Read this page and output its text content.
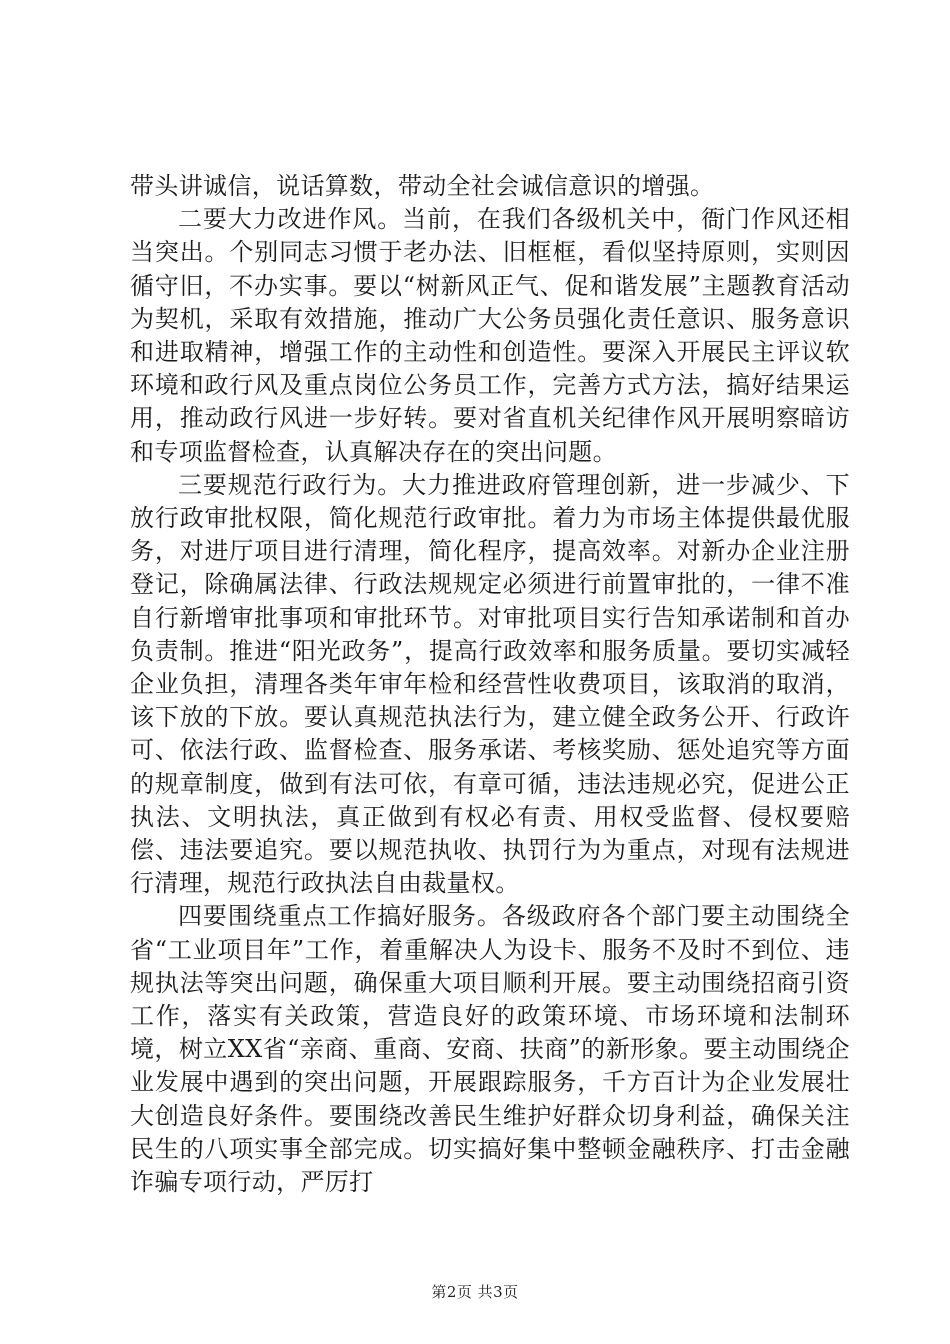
带头讲诚信，说话算数，带动全社会诚信意识的增强。

二要大力改进作风。当前，在我们各级机关中，衙门作风还相当突出。个别同志习惯于老办法、旧框框，看似坚持原则，实则因循守旧，不办实事。要以“树新风正气、促和谐发展”主题教育活动为契机，采取有效措施，推动广大公务员强化责任意识、服务意识和进取精神，增强工作的主动性和创造性。要深入开展民主评议软环境和政行风及重点岗位公务员工作，完善方式方法，搞好结果运用，推动政行风进一步好转。要对省直机关纪律作风开展明察暗访和专项监督检查，认真解决存在的突出问题。

三要规范行政行为。大力推进政府管理创新，进一步减少、下放行政审批权限，简化规范行政审批。着力为市场主体提供最优服务，对进厅项目进行清理，简化程序，提高效率。对新办企业注册登记，除确属法律、行政法规规定必须进行前置审批的，一律不准自行新增审批事项和审批环节。对审批项目实行告知承诺制和首办负责制。推进“阳光政务”，提高行政效率和服务质量。要切实减轻企业负担，清理各类年审年检和经营性收费项目，该取消的取消，该下放的下放。要认真规范执法行为，建立健全政务公开、行政许可、依法行政、监督检查、服务承诺、考核奖励、惩处追究等方面的规章制度，做到有法可依，有章可循，违法违规必究，促进公正执法、文明执法，真正做到有权必有责、用权受监督、侵权要赔偿、违法要追究。要以规范执收、执罚行为为重点，对现有法规进行清理，规范行政执法自由裁量权。

四要围绕重点工作搞好服务。各级政府各个部门要主动围绕全省“工业项目年”工作，着重解决人为设卡、服务不及时不到位、违规执法等突出问题，确保重大项目顺利开展。要主动围绕招商引资工作，落实有关政策，营造良好的政策环境、市场环境和法制环境，树立XX省“亲商、重商、安商、扶商”的新形象。要主动围绕企业发展中遇到的突出问题，开展跟踪服务，千方百计为企业发展壮大创造良好条件。要围绕改善民生维护好群众切身利益，确保关注民生的八项实事全部完成。切实搞好集中整顿金融秩序、打击金融诈骗专项行动，严厉打

第2页 共3页
